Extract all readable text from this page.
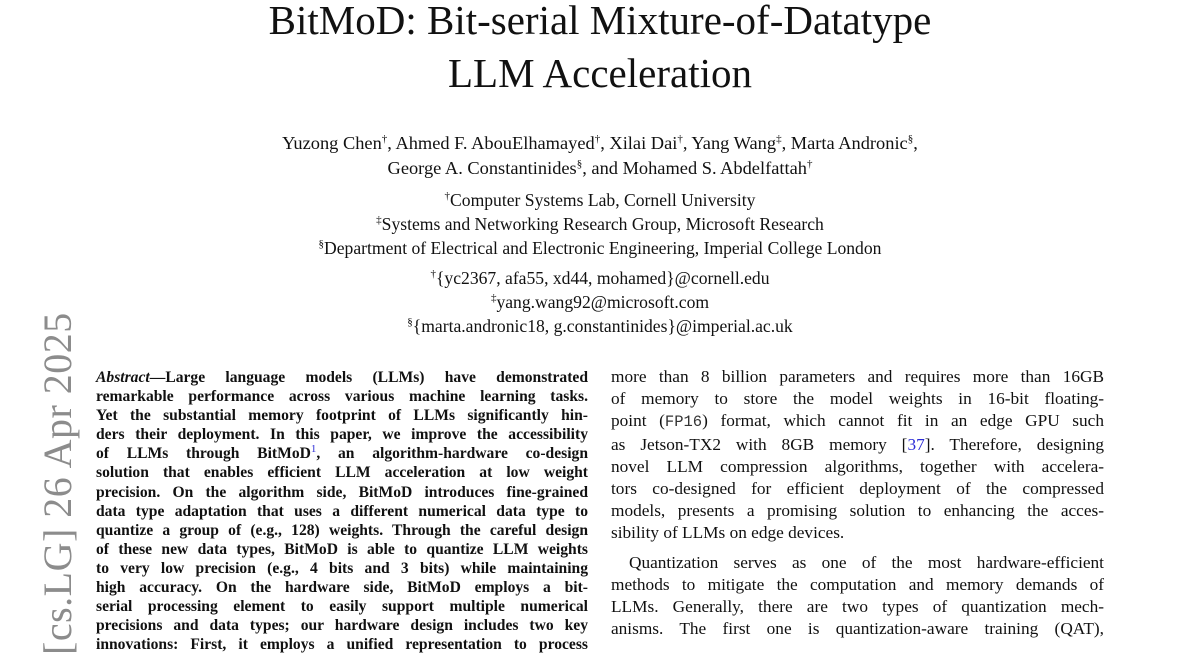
[cs.LG] 26 Apr 2025
BitMoD: Bit-serial Mixture-of-Datatype
LLM Acceleration
Yuzong Chen†, Ahmed F. AbouElhamayed†, Xilai Dai†, Yang Wang‡, Marta Andronic§,
George A. Constantinides§, and Mohamed S. Abdelfattah†
†Computer Systems Lab, Cornell University
‡Systems and Networking Research Group, Microsoft Research
§Department of Electrical and Electronic Engineering, Imperial College London
†{yc2367, afa55, xd44, mohamed}@cornell.edu
‡yang.wang92@microsoft.com
§{marta.andronic18, g.constantinides}@imperial.ac.uk
Abstract—Large language models (LLMs) have demonstrated
remarkable performance across various machine learning tasks.
Yet the substantial memory footprint of LLMs significantly hin-
ders their deployment. In this paper, we improve the accessibility
of LLMs through BitMoD$^1$, an algorithm-hardware co-design
solution that enables efficient LLM acceleration at low weight
precision. On the algorithm side, BitMoD introduces fine-grained
data type adaptation that uses a different numerical data type to
quantize a group of (e.g., 128) weights. Through the careful design
of these new data types, BitMoD is able to quantize LLM weights
to very low precision (e.g., 4 bits and 3 bits) while maintaining
high accuracy. On the hardware side, BitMoD employs a bit-
serial processing element to easily support multiple numerical
precisions and data types; our hardware design includes two key
innovations: First, it employs a unified representation to process
more than 8 billion parameters and requires more than 16GB
of memory to store the model weights in 16-bit floating-
point (FP16) format, which cannot fit in an edge GPU such
as Jetson-TX2 with 8GB memory [37]. Therefore, designing
novel LLM compression algorithms, together with accelera-
tors co-designed for efficient deployment of the compressed
models, presents a promising solution to enhancing the acces-
sibility of LLMs on edge devices.
Quantization serves as one of the most hardware-efficient
methods to mitigate the computation and memory demands of
LLMs. Generally, there are two types of quantization mech-
anisms. The first one is quantization-aware training (QAT),
